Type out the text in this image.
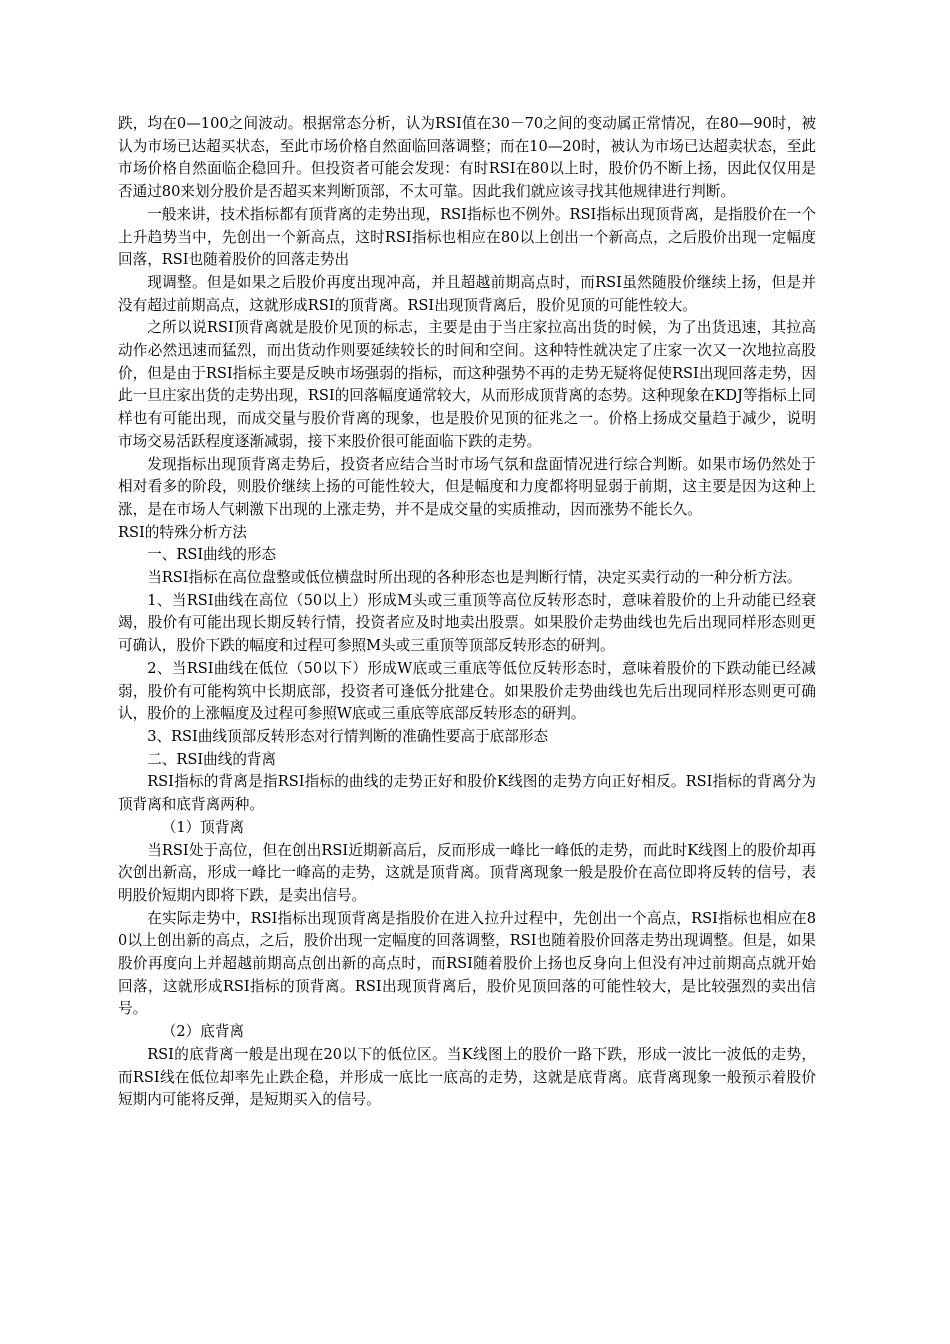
跌，均在0—100之间波动。根据常态分析，认为RSI值在30－70之间的变动属正常情况，在80—90时，被认为市场已达超买状态，至此市场价格自然面临回落调整；而在10—20时，被认为市场已达超卖状态，至此市场价格自然面临企稳回升。但投资者可能会发现：有时RSI在80以上时，股价仍不断上扬，因此仅仅用是否通过80来划分股价是否超买来判断顶部，不太可靠。因此我们就应该寻找其他规律进行判断。

一般来讲，技术指标都有顶背离的走势出现，RSI指标也不例外。RSI指标出现顶背离，是指股价在一个上升趋势当中，先创出一个新高点，这时RSI指标也相应在80以上创出一个新高点，之后股价出现一定幅度回落，RSI也随着股价的回落走势出

现调整。但是如果之后股价再度出现冲高，并且超越前期高点时，而RSI虽然随股价继续上扬，但是并没有超过前期高点，这就形成RSI的顶背离。RSI出现顶背离后，股价见顶的可能性较大。

之所以说RSI顶背离就是股价见顶的标志，主要是由于当庄家拉高出货的时候，为了出货迅速，其拉高动作必然迅速而猛烈，而出货动作则要延续较长的时间和空间。这种特性就决定了庄家一次又一次地拉高股价，但是由于RSI指标主要是反映市场强弱的指标，而这种强势不再的走势无疑将促使RSI出现回落走势，因此一旦庄家出货的走势出现，RSI的回落幅度通常较大，从而形成顶背离的态势。这种现象在KDJ等指标上同样也有可能出现，而成交量与股价背离的现象，也是股价见顶的征兆之一。价格上扬成交量趋于减少，说明市场交易活跃程度逐渐减弱，接下来股价很可能面临下跌的走势。

发现指标出现顶背离走势后，投资者应结合当时市场气氛和盘面情况进行综合判断。如果市场仍然处于相对看多的阶段，则股价继续上扬的可能性较大，但是幅度和力度都将明显弱于前期，这主要是因为这种上涨，是在市场人气刺激下出现的上涨走势，并不是成交量的实质推动，因而涨势不能长久。

RSI的特殊分析方法

一、RSI曲线的形态

当RSI指标在高位盘整或低位横盘时所出现的各种形态也是判断行情，决定买卖行动的一种分析方法。

1、当RSI曲线在高位（50以上）形成M头或三重顶等高位反转形态时，意味着股价的上升动能已经衰竭，股价有可能出现长期反转行情，投资者应及时地卖出股票。如果股价走势曲线也先后出现同样形态则更可确认，股价下跌的幅度和过程可参照M头或三重顶等顶部反转形态的研判。

2、当RSI曲线在低位（50以下）形成W底或三重底等低位反转形态时，意味着股价的下跌动能已经减弱，股价有可能构筑中长期底部，投资者可逢低分批建仓。如果股价走势曲线也先后出现同样形态则更可确认，股价的上涨幅度及过程可参照W底或三重底等底部反转形态的研判。

3、RSI曲线顶部反转形态对行情判断的准确性要高于底部形态

二、RSI曲线的背离

RSI指标的背离是指RSI指标的曲线的走势正好和股价K线图的走势方向正好相反。RSI指标的背离分为顶背离和底背离两种。

（1）顶背离

当RSI处于高位，但在创出RSI近期新高后，反而形成一峰比一峰低的走势，而此时K线图上的股价却再次创出新高，形成一峰比一峰高的走势，这就是顶背离。顶背离现象一般是股价在高位即将反转的信号，表明股价短期内即将下跌，是卖出信号。

在实际走势中，RSI指标出现顶背离是指股价在进入拉升过程中，先创出一个高点，RSI指标也相应在80以上创出新的高点，之后，股价出现一定幅度的回落调整，RSI也随着股价回落走势出现调整。但是，如果股价再度向上并超越前期高点创出新的高点时，而RSI随着股价上扬也反身向上但没有冲过前期高点就开始回落，这就形成RSI指标的顶背离。RSI出现顶背离后，股价见顶回落的可能性较大，是比较强烈的卖出信号。

（2）底背离

RSI的底背离一般是出现在20以下的低位区。当K线图上的股价一路下跌，形成一波比一波低的走势，而RSI线在低位却率先止跌企稳，并形成一底比一底高的走势，这就是底背离。底背离现象一般预示着股价短期内可能将反弹，是短期买入的信号。
